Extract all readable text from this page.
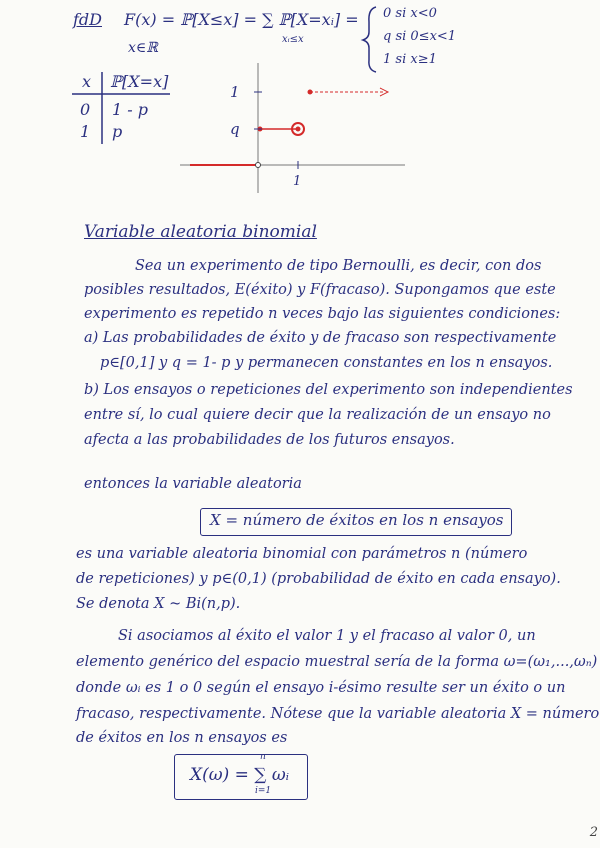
fdD F(x) = ℙ[X≤x] = ∑ ℙ[X=xᵢ] =
xᵢ≤x
x∈ℝ
0 si x<0
q si 0≤x<1
1 si x≥1
x ℙ[X=x]
0 1 - p
1 p
1
q
1
Variable aleatoria binomial
Sea un experimento de tipo Bernoulli, es decir, con dos
posibles resultados, E(éxito) y F(fracaso). Supongamos que este
experimento es repetido n veces bajo las siguientes condiciones:
a) Las probabilidades de éxito y de fracaso son respectivamente
p∈[0,1] y q = 1- p y permanecen constantes en los n ensayos.
b) Los ensayos o repeticiones del experimento son independientes
entre sí, lo cual quiere decir que la realización de un ensayo no
afecta a las probabilidades de los futuros ensayos.
entonces la variable aleatoria
X = número de éxitos en los n ensayos
es una variable aleatoria binomial con parámetros n (número
de repeticiones) y p∈(0,1) (probabilidad de éxito en cada ensayo).
Se denota X ~ Bi(n,p).
Si asociamos al éxito el valor 1 y el fracaso al valor 0, un
elemento genérico del espacio muestral sería de la forma ω=(ω₁,...,ωₙ)
donde ωᵢ es 1 o 0 según el ensayo i-ésimo resulte ser un éxito o un
fracaso, respectivamente. Nótese que la variable aleatoria X = número
de éxitos en los n ensayos es
X(ω) = ∑ ωᵢ
n
i=1
2
